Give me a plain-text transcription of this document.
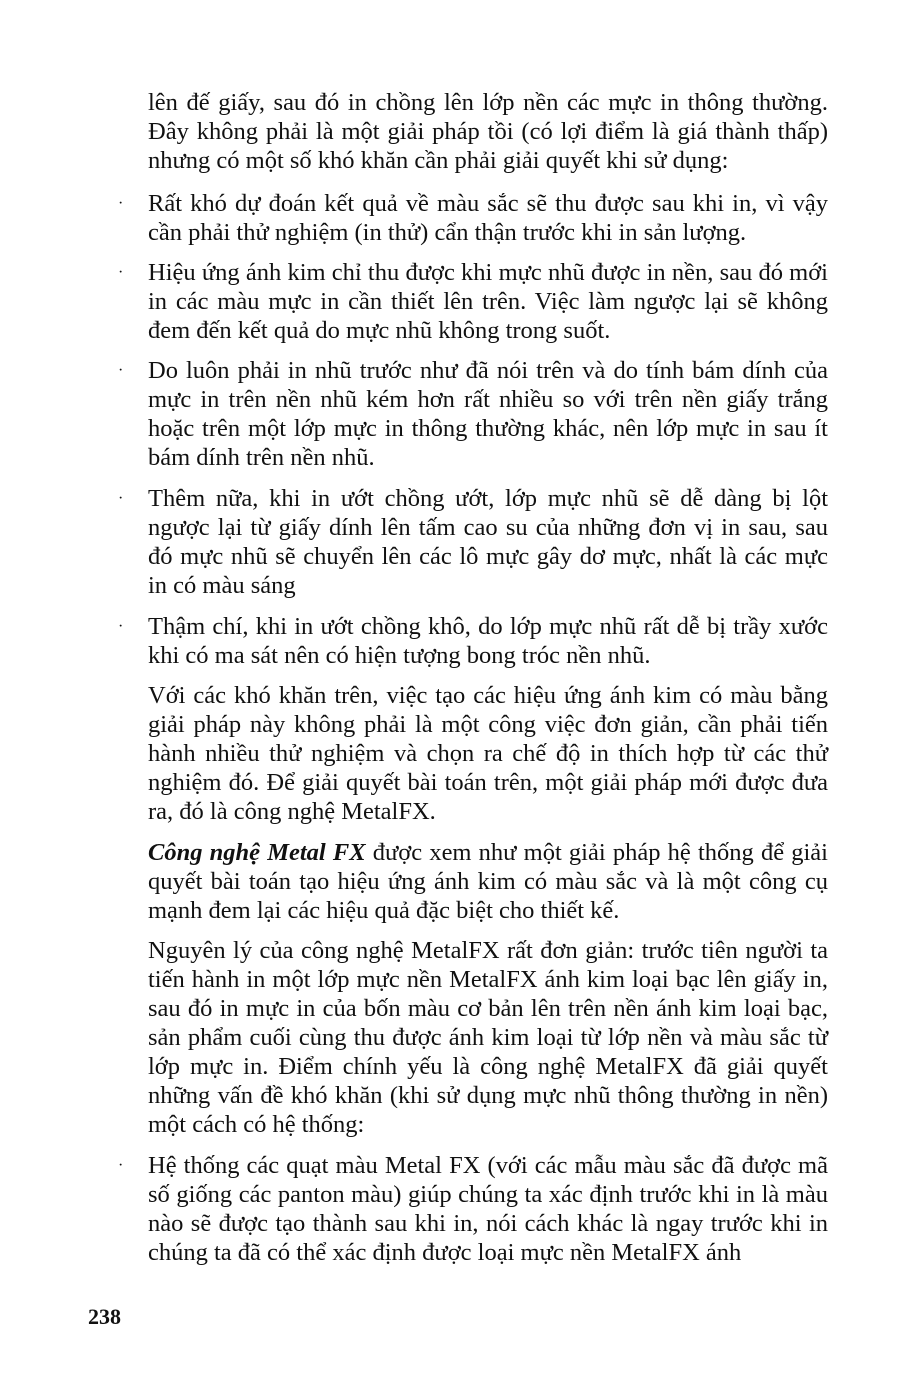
lên đế giấy, sau đó in chồng lên lớp nền các mực in thông thường. Đây không phải là một giải pháp tồi (có lợi điểm là giá thành thấp) nhưng có một số khó khăn cần phải giải quyết khi sử dụng:

· Rất khó dự đoán kết quả về màu sắc sẽ thu được sau khi in, vì vậy cần phải thử nghiệm (in thử) cẩn thận trước khi in sản lượng.

· Hiệu ứng ánh kim chỉ thu được khi mực nhũ được in nền, sau đó mới in các màu mực in cần thiết lên trên. Việc làm ngược lại sẽ không đem đến kết quả do mực nhũ không trong suốt.

· Do luôn phải in nhũ trước như đã nói trên và do tính bám dính của mực in trên nền nhũ kém hơn rất nhiều so với trên nền giấy trắng hoặc trên một lớp mực in thông thường khác, nên lớp mực in sau ít bám dính trên nền nhũ.

· Thêm nữa, khi in ướt chồng ướt, lớp mực nhũ sẽ dễ dàng bị lột ngược lại từ giấy dính lên tấm cao su của những đơn vị in sau, sau đó mực nhũ sẽ chuyển lên các lô mực gây dơ mực, nhất là các mực in có màu sáng

· Thậm chí, khi in ướt chồng khô, do lớp mực nhũ rất dễ bị trầy xước khi có ma sát nên có hiện tượng bong tróc nền nhũ.

Với các khó khăn trên, việc tạo các hiệu ứng ánh kim có màu bằng giải pháp này không phải là một công việc đơn giản, cần phải tiến hành nhiều thử nghiệm và chọn ra chế độ in thích hợp từ các thử nghiệm đó. Để giải quyết bài toán trên, một giải pháp mới được đưa ra, đó là công nghệ MetalFX.

Công nghệ Metal FX được xem như một giải pháp hệ thống để giải quyết bài toán tạo hiệu ứng ánh kim có màu sắc và là một công cụ mạnh đem lại các hiệu quả đặc biệt cho thiết kế.

Nguyên lý của công nghệ MetalFX rất đơn giản: trước tiên người ta tiến hành in một lớp mực nền MetalFX ánh kim loại bạc lên giấy in, sau đó in mực in của bốn màu cơ bản lên trên nền ánh kim loại bạc, sản phẩm cuối cùng thu được ánh kim loại từ lớp nền và màu sắc từ lớp mực in. Điểm chính yếu là công nghệ MetalFX đã giải quyết những vấn đề khó khăn (khi sử dụng mực nhũ thông thường in nền) một cách có hệ thống:

· Hệ thống các quạt màu Metal FX (với các mẫu màu sắc đã được mã số giống các panton màu) giúp chúng ta xác định trước khi in là màu nào sẽ được tạo thành sau khi in, nói cách khác là ngay trước khi in chúng ta đã có thể xác định được loại mực nền MetalFX ánh

238
